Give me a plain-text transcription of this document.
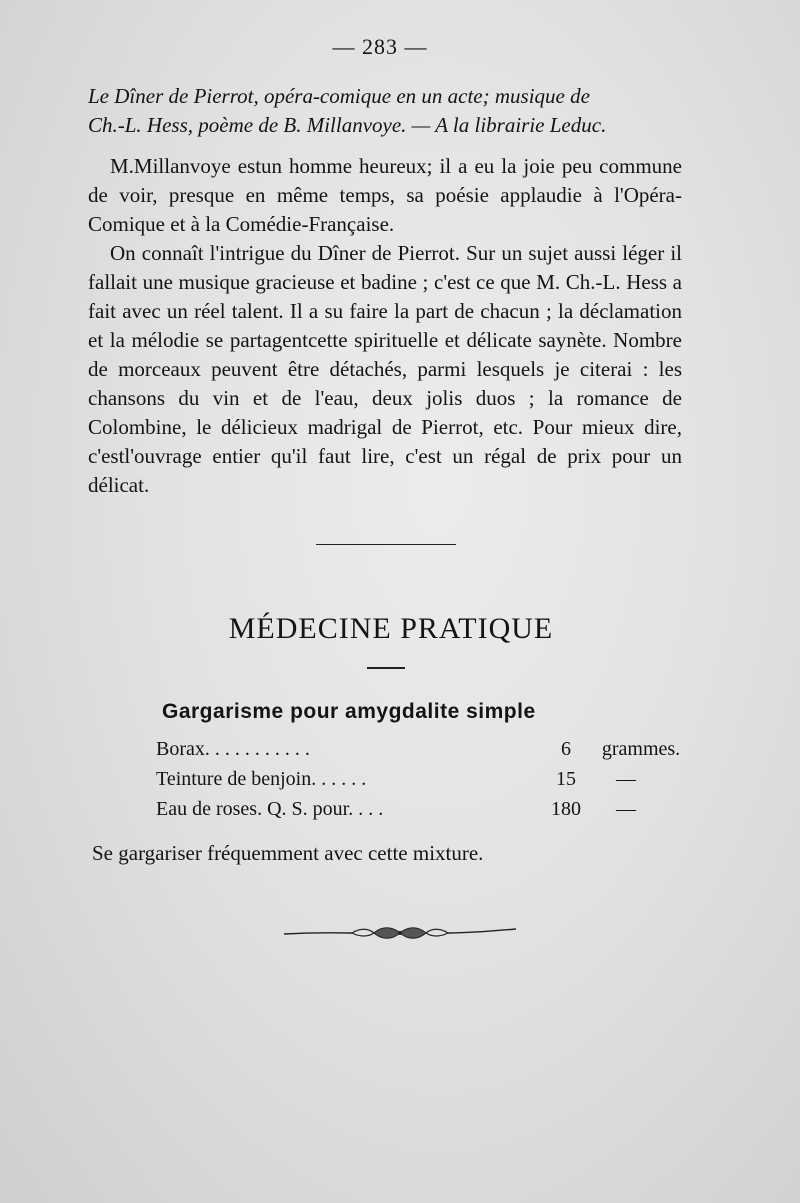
— 283 —

Le Dîner de Pierrot, opéra-comique en un acte; musique de

Ch.-L. Hess, poème de B. Millanvoye. — A la librairie Leduc.

M.Millanvoye estun homme heureux; il a eu la joie peu commune de voir, presque en même temps, sa poésie applaudie à l'Opéra-Comique et à la Comédie-Française.

On connaît l'intrigue du Dîner de Pierrot. Sur un sujet aussi léger il fallait une musique gracieuse et badine ; c'est ce que M. Ch.-L. Hess a fait avec un réel talent. Il a su faire la part de chacun ; la déclamation et la mélodie se partagentcette spirituelle et délicate saynète. Nombre de morceaux peuvent être détachés, parmi lesquels je citerai : les chansons du vin et de l'eau, deux jolis duos ; la romance de Colombine, le délicieux madrigal de Pierrot, etc. Pour mieux dire, c'estl'ouvrage entier qu'il faut lire, c'est un régal de prix pour un délicat.

MÉDECINE PRATIQUE
Gargarisme pour amygdalite simple
Borax. . . . . . . . . . .	6	grammes.
Teinture de benjoin. . . . . .	15	—
Eau de roses. Q. S. pour. . . .	180	—
Se gargariser fréquemment avec cette mixture.
